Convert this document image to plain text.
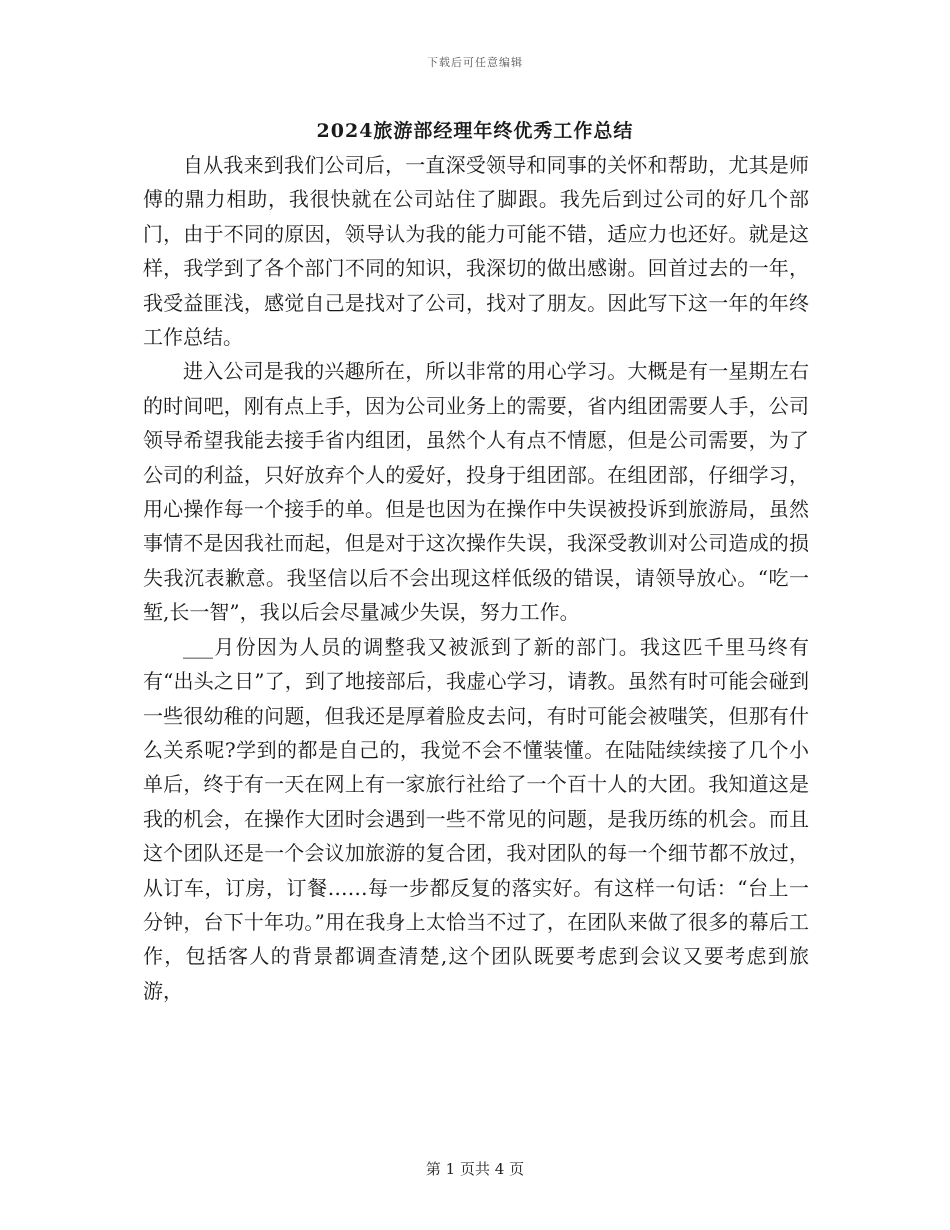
下载后可任意编辑
2024旅游部经理年终优秀工作总结

自从我来到我们公司后，一直深受领导和同事的关怀和帮助，尤其是师傅的鼎力相助，我很快就在公司站住了脚跟。我先后到过公司的好几个部门，由于不同的原因，领导认为我的能力可能不错，适应力也还好。就是这样，我学到了各个部门不同的知识，我深切的做出感谢。回首过去的一年，我受益匪浅，感觉自己是找对了公司，找对了朋友。因此写下这一年的年终工作总结。

进入公司是我的兴趣所在，所以非常的用心学习。大概是有一星期左右的时间吧，刚有点上手，因为公司业务上的需要，省内组团需要人手，公司领导希望我能去接手省内组团，虽然个人有点不情愿，但是公司需要，为了公司的利益，只好放弃个人的爱好，投身于组团部。在组团部，仔细学习，用心操作每一个接手的单。但是也因为在操作中失误被投诉到旅游局，虽然事情不是因我社而起，但是对于这次操作失误，我深受教训对公司造成的损失我沉表歉意。我坚信以后不会出现这样低级的错误，请领导放心。“吃一堑,长一智”，我以后会尽量减少失误，努力工作。

___月份因为人员的调整我又被派到了新的部门。我这匹千里马终有有“出头之日”了，到了地接部后，我虚心学习，请教。虽然有时可能会碰到一些很幼稚的问题，但我还是厚着脸皮去问，有时可能会被嗤笑，但那有什么关系呢?学到的都是自己的，我觉不会不懂装懂。在陆陆续续接了几个小单后，终于有一天在网上有一家旅行社给了一个百十人的大团。我知道这是我的机会，在操作大团时会遇到一些不常见的问题，是我历练的机会。而且这个团队还是一个会议加旅游的复合团，我对团队的每一个细节都不放过，从订车，订房，订餐……每一步都反复的落实好。有这样一句话：“台上一分钟，台下十年功。”用在我身上太恰当不过了，在团队来做了很多的幕后工作，包括客人的背景都调查清楚,这个团队既要考虑到会议又要考虑到旅游，

第 1 页共 4 页
